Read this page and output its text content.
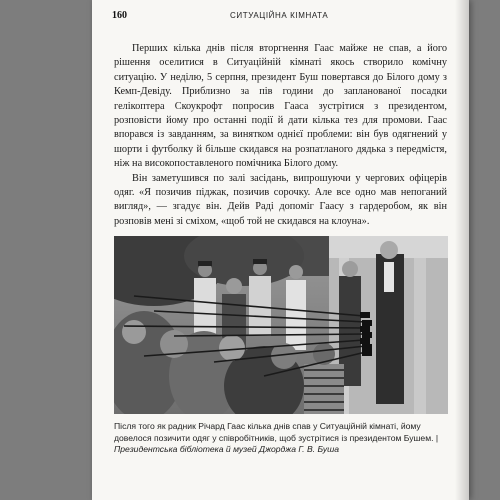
160	СИТУАЦІЙНА КІМНАТА

Перших кілька днів після вторгнення Гаас майже не спав, а його рішення оселитися в Ситуаційній кімнаті якось створило комічну ситуацію. У неділю, 5 серпня, президент Буш повертався до Білого дому з Кемп-Девіду. Приблизно за пів години до запланованої посадки гелікоптера Скоукрофт попросив Гааса зустрітися з президентом, розповісти йому про останні події й дати кілька тез для промови. Гаас впорався із завданням, за винятком однієї проблеми: він був одягнений у шорти і футболку й більше скидався на розпатланого дядька з передмістя, ніж на високопоставленого помічника Білого дому.

Він заметушився по залі засідань, випрошуючи у чергових офіцерів одяг. «Я позичив піджак, позичив сорочку. Але все одно мав непоганий вигляд», — згадує він. Дейв Раді допоміг Гаасу з гардеробом, як він розповів мені зі сміхом, «щоб той не скидався на клоуна».

Після того як радник Річард Гаас кілька днів спав у Ситуаційній кімнаті, йому довелося позичити одяг у співробітників, щоб зустрітися із президентом Бушем. | Президентська бібліотека й музей Джорджа Г. В. Буша
